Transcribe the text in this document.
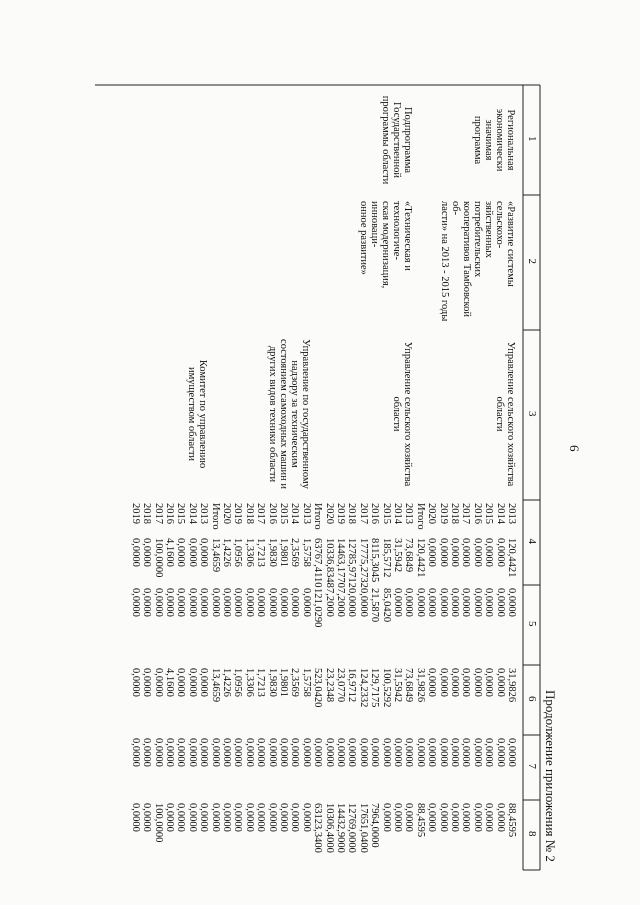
6
Продолжение приложения № 2
1
2
3
4
5
6
7
8
Региональная
экономически значимая
программа
«Развитие системы сельскохо-
зяйственных потребительских
кооперативов Тамбовской об-
ласти» на 2013 - 2015 годы
Управление сельского хозяйства
области
2013
120,4421
0,0000
31,9826
0,0000
88,4595
2014
0,0000
0,0000
0,0000
0,0000
0,0000
2015
0,0000
0,0000
0,0000
0,0000
0,0000
2016
0,0000
0,0000
0,0000
0,0000
0,0000
2017
0,0000
0,0000
0,0000
0,0000
0,0000
2018
0,0000
0,0000
0,0000
0,0000
0,0000
2019
0,0000
0,0000
0,0000
0,0000
0,0000
2020
0,0000
0,0000
0,0000
0,0000
0,0000
Итого
120,4421
0,0000
31,9826
0,0000
88,4595
Подпрограмма
Государственной
программы области
«Техническая и технологиче-
ская модернизация, инноваци-
онное развитие»
Управление сельского хозяйства
области
2013
73,6849
0,0000
73,6849
0,0000
0,0000
2014
31,5942
0,0000
31,5942
0,0000
0,0000
2015
185,5712
85,0420
100,5292
0,0000
0,0000
2016
8115,3045
21,5870
129,7175
0,0000
7964,0000
2017
17775,2732
0,0000
124,2332
0,0000
17651,0400
2018
12785,9712
0,0000
16,9712
0,0000
12769,0000
2019
14463,1770
7,2000
23,0770
0,0000
14432,9000
2020
10336,8348
7,2000
23,2348
0,0000
10306,4000
Итого
63767,4110
121,0290
523,0420
0,0000
63123,3400
Управление по государственному
надзору за техническим
состоянием самоходных машин и
других видов техники области
2013
1,5758
0,0000
1,5758
0,0000
0,0000
2014
2,3569
0,0000
2,3569
0,0000
0,0000
2015
1,9801
0,0000
1,9801
0,0000
0,0000
2016
1,9830
0,0000
1,9830
0,0000
0,0000
2017
1,7213
0,0000
1,7213
0,0000
0,0000
2018
1,3306
0,0000
1,3306
0,0000
0,0000
2019
1,0956
0,0000
1,0956
0,0000
0,0000
2020
1,4226
0,0000
1,4226
0,0000
0,0000
Итого
13,4659
0,0000
13,4659
0,0000
0,0000
Комитет по управлению
имуществом области
2013
0,0000
0,0000
0,0000
0,0000
0,0000
2014
0,0000
0,0000
0,0000
0,0000
0,0000
2015
0,0000
0,0000
0,0000
0,0000
0,0000
2016
4,1600
0,0000
4,1600
0,0000
0,0000
2017
100,0000
0,0000
0,0000
0,0000
100,0000
2018
0,0000
0,0000
0,0000
0,0000
0,0000
2019
0,0000
0,0000
0,0000
0,0000
0,0000
